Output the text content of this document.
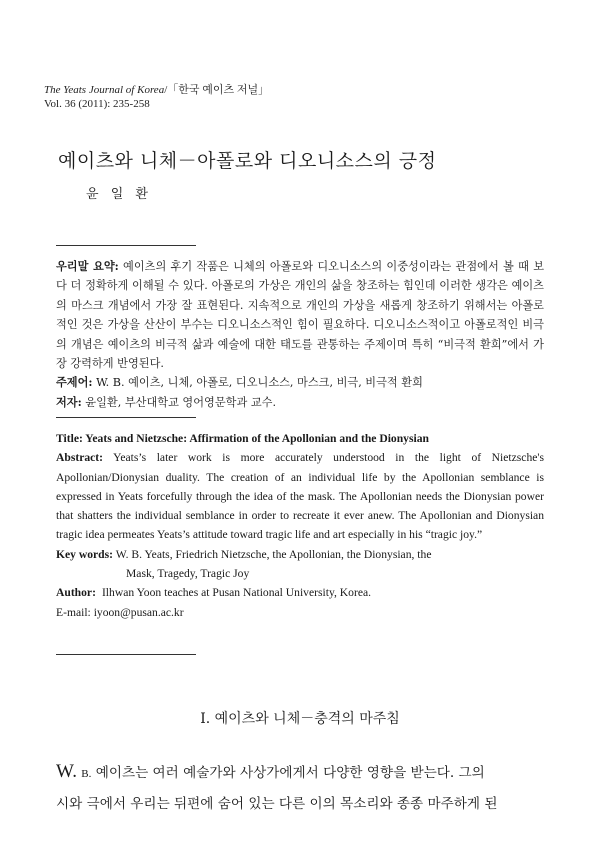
The Yeats Journal of Korea/「한국 예이츠 저널」
Vol. 36 (2011): 235-258
예이츠와 니체－아폴로와 디오니소스의 긍정
윤 일 환

우리말 요약: 예이츠의 후기 작품은 니체의 아폴로와 디오니소스의 이중성이라는 관점에서 볼 때 보다 더 정확하게 이해될 수 있다. 아폴로의 가상은 개인의 삶을 창조하는 힘인데 이러한 생각은 예이츠의 마스크 개념에서 가장 잘 표현된다. 지속적으로 개인의 가상을 새롭게 창조하기 위해서는 아폴로적인 것은 가상을 산산이 부수는 디오니소스적인 힘이 필요하다. 디오니소스적이고 아폴로적인 비극의 개념은 예이츠의 비극적 삶과 예술에 대한 태도를 관통하는 주제이며 특히 “비극적 환희”에서 가장 강력하게 반영된다.

주제어: W. B. 예이츠, 니체, 아폴로, 디오니소스, 마스크, 비극, 비극적 환희

저자: 윤일환, 부산대학교 영어영문학과 교수.

Title: Yeats and Nietzsche: Affirmation of the Apollonian and the Dionysian

Abstract: Yeats’s later work is more accurately understood in the light of Nietzsche's Apollonian/Dionysian duality. The creation of an individual life by the Apollonian semblance is expressed in Yeats forcefully through the idea of the mask. The Apollonian needs the Dionysian power that shatters the individual semblance in order to recreate it ever anew. The Apollonian and Dionysian tragic idea permeates Yeats’s attitude toward tragic life and art especially in his “tragic joy.”

Key words: W. B. Yeats, Friedrich Nietzsche, the Apollonian, the Dionysian, the

Mask, Tragedy, Tragic Joy

Author: Ilhwan Yoon teaches at Pusan National University, Korea.

E-mail: iyoon@pusan.ac.kr

I. 예이츠와 니체－충격의 마주침

W. B. 예이츠는 여러 예술가와 사상가에게서 다양한 영향을 받는다. 그의

시와 극에서 우리는 뒤편에 숨어 있는 다른 이의 목소리와 종종 마주하게 된
